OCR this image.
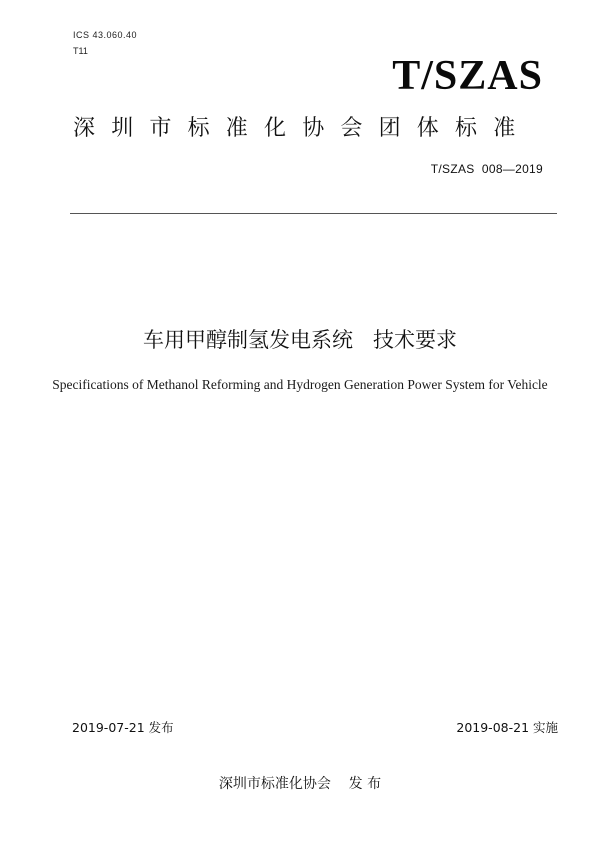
ICS 43.060.40
T11
T/SZAS
深圳市标准化协会团体标准
T/SZAS  008—2019
车用甲醇制氢发电系统   技术要求
Specifications of Methanol Reforming and Hydrogen Generation Power System for Vehicle
2019-07-21 发布	2019-08-21 实施
深圳市标准化协会    发 布
